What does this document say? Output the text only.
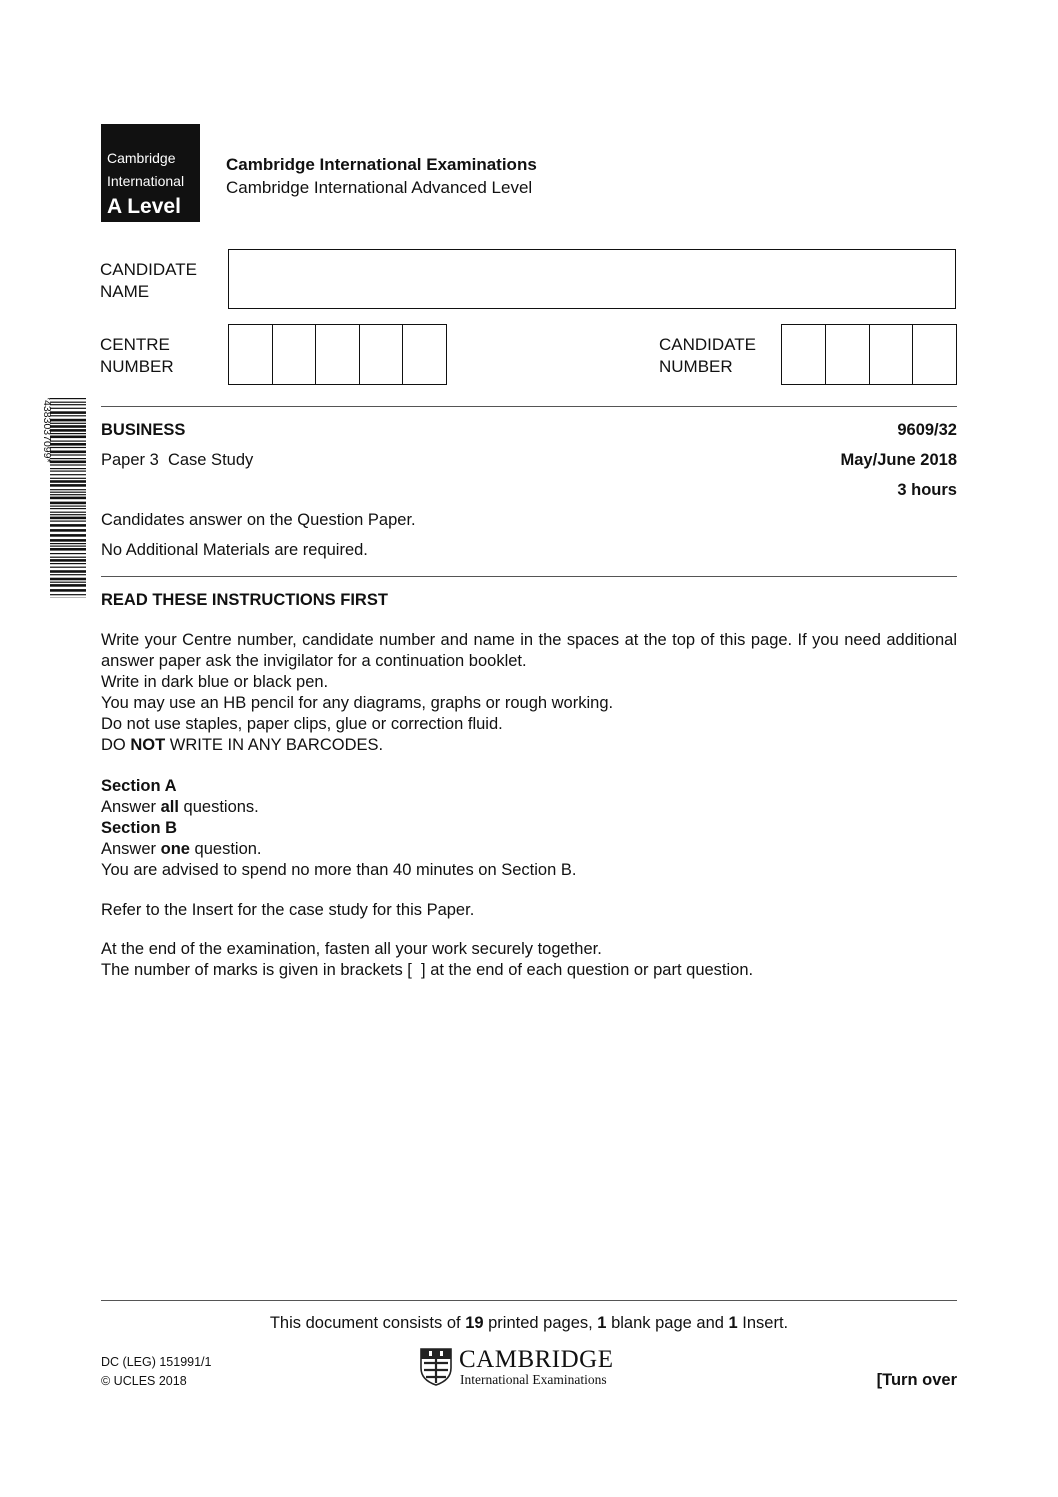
Cambridge
International
A Level
Cambridge International Examinations
Cambridge International Advanced Level
CANDIDATE
NAME
CENTRE
NUMBER
CANDIDATE
NUMBER
*4383037099*	BUSINESS	9609/32
Paper 3  Case Study	May/June 2018
3 hours
Candidates answer on the Question Paper.
No Additional Materials are required.
READ THESE INSTRUCTIONS FIRST
Write your Centre number, candidate number and name in the spaces at the top of this page. If you need additional answer paper ask the invigilator for a continuation booklet.
Write in dark blue or black pen.
You may use an HB pencil for any diagrams, graphs or rough working.
Do not use staples, paper clips, glue or correction fluid.
DO NOT WRITE IN ANY BARCODES.
Section A
Answer all questions.
Section B
Answer one question.
You are advised to spend no more than 40 minutes on Section B.
Refer to the Insert for the case study for this Paper.
At the end of the examination, fasten all your work securely together.
The number of marks is given in brackets [  ] at the end of each question or part question.
This document consists of 19 printed pages, 1 blank page and 1 Insert.
DC (LEG) 151991/1
© UCLES 2018
CAMBRIDGE
International Examinations	[Turn over
